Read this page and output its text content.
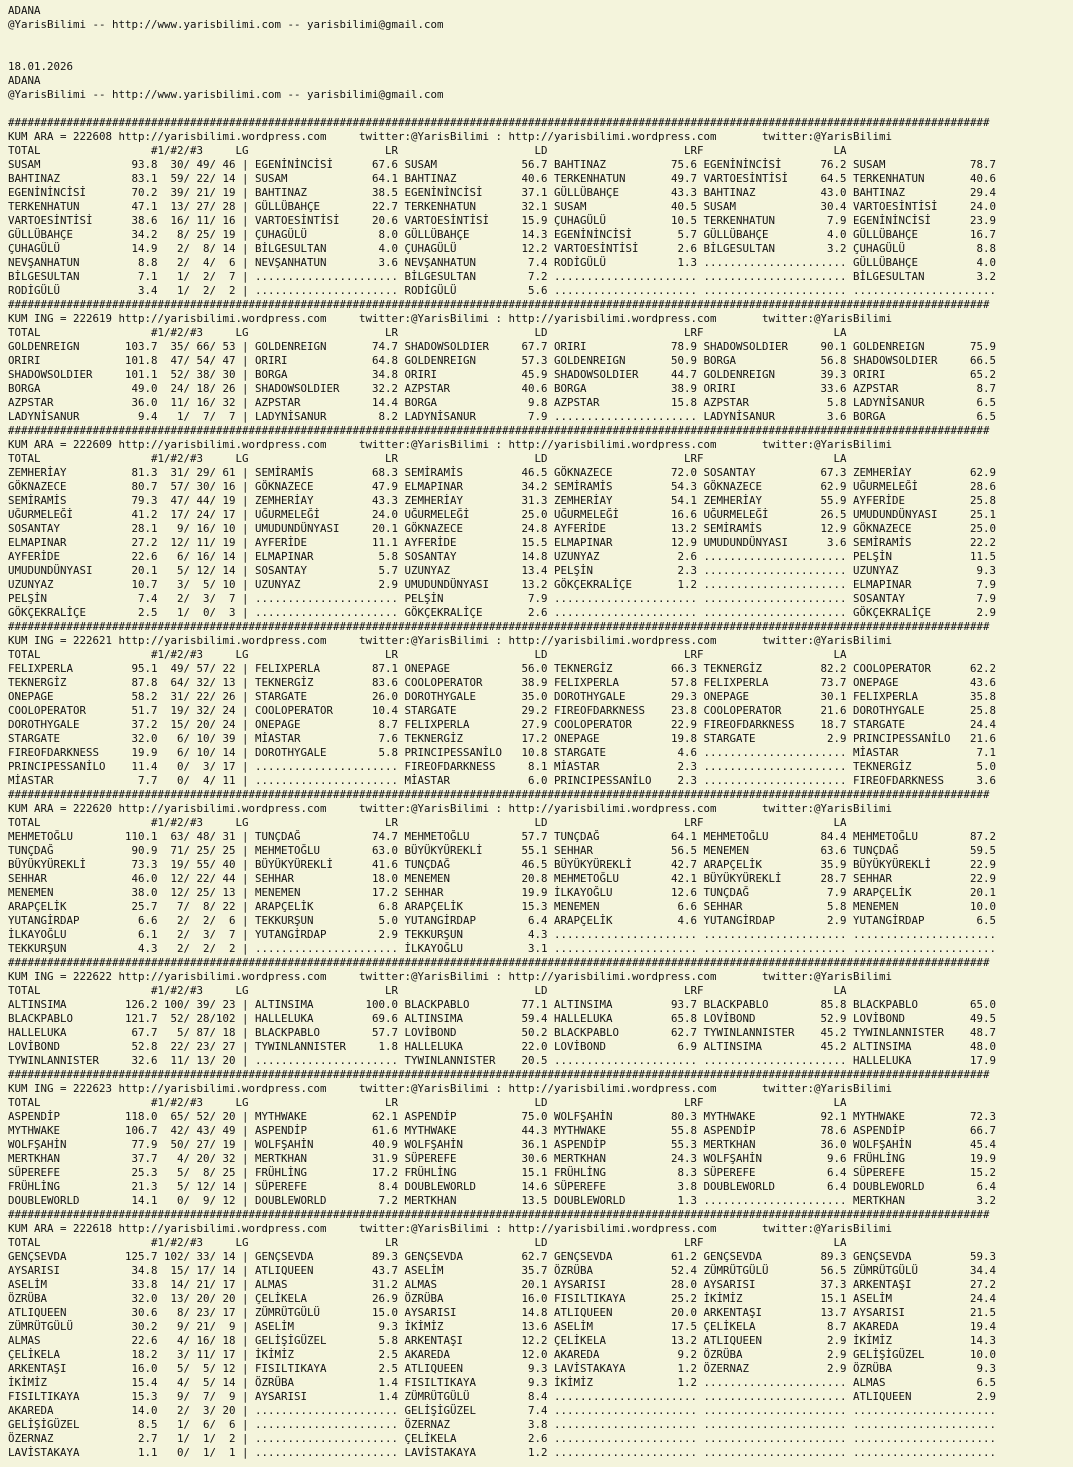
ADANA
@YarisBilimi -- http://www.yarisbilimi.com -- yarisbilimi@gmail.com

18.01.2026
ADANA
@YarisBilimi -- http://www.yarisbilimi.com -- yarisbilimi@gmail.com

#######################################################################################################################################################
KUM ARA = 222608 http://yarisbilimi.wordpress.com     twitter:@YarisBilimi : http://yarisbilimi.wordpress.com       twitter:@YarisBilimi
TOTAL                 #1/#2/#3     LG                     LR                     LD                     LRF                    LA
SUSAM              93.8  30/ 49/ 46 | EGENİNİNCİSİ      67.6 SUSAM             56.7 BAHTINAZ          75.6 EGENİNİNCİSİ      76.2 SUSAM             78.7
BAHTINAZ           83.1  59/ 22/ 14 | SUSAM             64.1 BAHTINAZ          40.6 TERKENHATUN       49.7 VARTOESİNTİSİ     64.5 TERKENHATUN       40.6
EGENİNİNCİSİ       70.2  39/ 21/ 19 | BAHTINAZ          38.5 EGENİNİNCİSİ      37.1 GÜLLÜBAHÇE        43.3 BAHTINAZ          43.0 BAHTINAZ          29.4
TERKENHATUN        47.1  13/ 27/ 28 | GÜLLÜBAHÇE        22.7 TERKENHATUN       32.1 SUSAM             40.5 SUSAM             30.4 VARTOESİNTİSİ     24.0
VARTOESİNTİSİ      38.6  16/ 11/ 16 | VARTOESİNTİSİ     20.6 VARTOESİNTİSİ     15.9 ÇUHAGÜLÜ          10.5 TERKENHATUN        7.9 EGENİNİNCİSİ      23.9
GÜLLÜBAHÇE         34.2   8/ 25/ 19 | ÇUHAGÜLÜ           8.0 GÜLLÜBAHÇE        14.3 EGENİNİNCİSİ       5.7 GÜLLÜBAHÇE         4.0 GÜLLÜBAHÇE        16.7
ÇUHAGÜLÜ           14.9   2/  8/ 14 | BİLGESULTAN        4.0 ÇUHAGÜLÜ          12.2 VARTOESİNTİSİ      2.6 BİLGESULTAN        3.2 ÇUHAGÜLÜ           8.8
NEVŞANHATUN         8.8   2/  4/  6 | NEVŞANHATUN        3.6 NEVŞANHATUN        7.4 RODİGÜLÜ           1.3 ...................... GÜLLÜBAHÇE         4.0
BİLGESULTAN         7.1   1/  2/  7 | ...................... BİLGESULTAN        7.2 ...................... ...................... BİLGESULTAN        3.2
RODİGÜLÜ            3.4   1/  2/  2 | ...................... RODİGÜLÜ           5.6 ...................... ...................... ......................
#######################################################################################################################################################
KUM ING = 222619 http://yarisbilimi.wordpress.com     twitter:@YarisBilimi : http://yarisbilimi.wordpress.com       twitter:@YarisBilimi
TOTAL                 #1/#2/#3     LG                     LR                     LD                     LRF                    LA
GOLDENREIGN       103.7  35/ 66/ 53 | GOLDENREIGN       74.7 SHADOWSOLDIER     67.7 ORIRI             78.9 SHADOWSOLDIER     90.1 GOLDENREIGN       75.9
ORIRI             101.8  47/ 54/ 47 | ORIRI             64.8 GOLDENREIGN       57.3 GOLDENREIGN       50.9 BORGA             56.8 SHADOWSOLDIER     66.5
SHADOWSOLDIER     101.1  52/ 38/ 30 | BORGA             34.8 ORIRI             45.9 SHADOWSOLDIER     44.7 GOLDENREIGN       39.3 ORIRI             65.2
BORGA              49.0  24/ 18/ 26 | SHADOWSOLDIER     32.2 AZPSTAR           40.6 BORGA             38.9 ORIRI             33.6 AZPSTAR            8.7
AZPSTAR            36.0  11/ 16/ 32 | AZPSTAR           14.4 BORGA              9.8 AZPSTAR           15.8 AZPSTAR            5.8 LADYNİSANUR        6.5
LADYNİSANUR         9.4   1/  7/  7 | LADYNİSANUR        8.2 LADYNİSANUR        7.9 ...................... LADYNİSANUR        3.6 BORGA              6.5
#######################################################################################################################################################
KUM ARA = 222609 http://yarisbilimi.wordpress.com     twitter:@YarisBilimi : http://yarisbilimi.wordpress.com       twitter:@YarisBilimi
TOTAL                 #1/#2/#3     LG                     LR                     LD                     LRF                    LA
ZEMHERİAY          81.3  31/ 29/ 61 | SEMİRAMİS         68.3 SEMİRAMİS         46.5 GÖKNAZECE         72.0 SOSANTAY          67.3 ZEMHERİAY         62.9
GÖKNAZECE          80.7  57/ 30/ 16 | GÖKNAZECE         47.9 ELMAPINAR         34.2 SEMİRAMİS         54.3 GÖKNAZECE         62.9 UĞURMELEĞİ        28.6
SEMİRAMİS          79.3  47/ 44/ 19 | ZEMHERİAY         43.3 ZEMHERİAY         31.3 ZEMHERİAY         54.1 ZEMHERİAY         55.9 AYFERİDE          25.8
UĞURMELEĞİ         41.2  17/ 24/ 17 | UĞURMELEĞİ        24.0 UĞURMELEĞİ        25.0 UĞURMELEĞİ        16.6 UĞURMELEĞİ        26.5 UMUDUNDÜNYASI     25.1
SOSANTAY           28.1   9/ 16/ 10 | UMUDUNDÜNYASI     20.1 GÖKNAZECE         24.8 AYFERİDE          13.2 SEMİRAMİS         12.9 GÖKNAZECE         25.0
ELMAPINAR          27.2  12/ 11/ 19 | AYFERİDE          11.1 AYFERİDE          15.5 ELMAPINAR         12.9 UMUDUNDÜNYASI      3.6 SEMİRAMİS         22.2
AYFERİDE           22.6   6/ 16/ 14 | ELMAPINAR          5.8 SOSANTAY          14.8 UZUNYAZ            2.6 ...................... PELŞİN            11.5
UMUDUNDÜNYASI      20.1   5/ 12/ 14 | SOSANTAY           5.7 UZUNYAZ           13.4 PELŞİN             2.3 ...................... UZUNYAZ            9.3
UZUNYAZ            10.7   3/  5/ 10 | UZUNYAZ            2.9 UMUDUNDÜNYASI     13.2 GÖKÇEKRALİÇE       1.2 ...................... ELMAPINAR          7.9
PELŞİN              7.4   2/  3/  7 | ...................... PELŞİN             7.9 ...................... ...................... SOSANTAY           7.9
GÖKÇEKRALİÇE        2.5   1/  0/  3 | ...................... GÖKÇEKRALİÇE       2.6 ...................... ...................... GÖKÇEKRALİÇE       2.9
#######################################################################################################################################################
KUM ING = 222621 http://yarisbilimi.wordpress.com     twitter:@YarisBilimi : http://yarisbilimi.wordpress.com       twitter:@YarisBilimi
TOTAL                 #1/#2/#3     LG                     LR                     LD                     LRF                    LA
FELIXPERLA         95.1  49/ 57/ 22 | FELIXPERLA        87.1 ONEPAGE           56.0 TEKNERGİZ         66.3 TEKNERGİZ         82.2 COOLOPERATOR      62.2
TEKNERGİZ          87.8  64/ 32/ 13 | TEKNERGİZ         83.6 COOLOPERATOR      38.9 FELIXPERLA        57.8 FELIXPERLA        73.7 ONEPAGE           43.6
ONEPAGE            58.2  31/ 22/ 26 | STARGATE          26.0 DOROTHYGALE       35.0 DOROTHYGALE       29.3 ONEPAGE           30.1 FELIXPERLA        35.8
COOLOPERATOR       51.7  19/ 32/ 24 | COOLOPERATOR      10.4 STARGATE          29.2 FIREOFDARKNESS    23.8 COOLOPERATOR      21.6 DOROTHYGALE       25.8
DOROTHYGALE        37.2  15/ 20/ 24 | ONEPAGE            8.7 FELIXPERLA        27.9 COOLOPERATOR      22.9 FIREOFDARKNESS    18.7 STARGATE          24.4
STARGATE           32.0   6/ 10/ 39 | MİASTAR            7.6 TEKNERGİZ         17.2 ONEPAGE           19.8 STARGATE           2.9 PRINCIPESSANİLO   21.6
FIREOFDARKNESS     19.9   6/ 10/ 14 | DOROTHYGALE        5.8 PRINCIPESSANİLO   10.8 STARGATE           4.6 ...................... MİASTAR            7.1
PRINCIPESSANİLO    11.4   0/  3/ 17 | ...................... FIREOFDARKNESS     8.1 MİASTAR            2.3 ...................... TEKNERGİZ          5.0
MİASTAR             7.7   0/  4/ 11 | ...................... MİASTAR            6.0 PRINCIPESSANİLO    2.3 ...................... FIREOFDARKNESS     3.6
#######################################################################################################################################################
KUM ARA = 222620 http://yarisbilimi.wordpress.com     twitter:@YarisBilimi : http://yarisbilimi.wordpress.com       twitter:@YarisBilimi
TOTAL                 #1/#2/#3     LG                     LR                     LD                     LRF                    LA
MEHMETOĞLU        110.1  63/ 48/ 31 | TUNÇDAĞ           74.7 MEHMETOĞLU        57.7 TUNÇDAĞ           64.1 MEHMETOĞLU        84.4 MEHMETOĞLU        87.2
TUNÇDAĞ            90.9  71/ 25/ 25 | MEHMETOĞLU        63.0 BÜYÜKYÜREKLİ      55.1 SEHHAR            56.5 MENEMEN           63.6 TUNÇDAĞ           59.5
BÜYÜKYÜREKLİ       73.3  19/ 55/ 40 | BÜYÜKYÜREKLİ      41.6 TUNÇDAĞ           46.5 BÜYÜKYÜREKLİ      42.7 ARAPÇELİK         35.9 BÜYÜKYÜREKLİ      22.9
SEHHAR             46.0  12/ 22/ 44 | SEHHAR            18.0 MENEMEN           20.8 MEHMETOĞLU        42.1 BÜYÜKYÜREKLİ      28.7 SEHHAR            22.9
MENEMEN            38.0  12/ 25/ 13 | MENEMEN           17.2 SEHHAR            19.9 İLKAYOĞLU         12.6 TUNÇDAĞ            7.9 ARAPÇELİK         20.1
ARAPÇELİK          25.7   7/  8/ 22 | ARAPÇELİK          6.8 ARAPÇELİK         15.3 MENEMEN            6.6 SEHHAR             5.8 MENEMEN           10.0
YUTANGİRDAP         6.6   2/  2/  6 | TEKKURŞUN          5.0 YUTANGİRDAP        6.4 ARAPÇELİK          4.6 YUTANGİRDAP        2.9 YUTANGİRDAP        6.5
İLKAYOĞLU           6.1   2/  3/  7 | YUTANGİRDAP        2.9 TEKKURŞUN          4.3 ...................... ...................... ......................
TEKKURŞUN           4.3   2/  2/  2 | ...................... İLKAYOĞLU          3.1 ...................... ...................... ......................
#######################################################################################################################################################
KUM ING = 222622 http://yarisbilimi.wordpress.com     twitter:@YarisBilimi : http://yarisbilimi.wordpress.com       twitter:@YarisBilimi
TOTAL                 #1/#2/#3     LG                     LR                     LD                     LRF                    LA
ALTINSIMA         126.2 100/ 39/ 23 | ALTINSIMA        100.0 BLACKPABLO        77.1 ALTINSIMA         93.7 BLACKPABLO        85.8 BLACKPABLO        65.0
BLACKPABLO        121.7  52/ 28/102 | HALLELUKA         69.6 ALTINSIMA         59.4 HALLELUKA         65.8 LOVİBOND          52.9 LOVİBOND          49.5
HALLELUKA          67.7   5/ 87/ 18 | BLACKPABLO        57.7 LOVİBOND          50.2 BLACKPABLO        62.7 TYWINLANNISTER    45.2 TYWINLANNISTER    48.7
LOVİBOND           52.8  22/ 23/ 27 | TYWINLANNISTER     1.8 HALLELUKA         22.0 LOVİBOND           6.9 ALTINSIMA         45.2 ALTINSIMA         48.0
TYWINLANNISTER     32.6  11/ 13/ 20 | ...................... TYWINLANNISTER    20.5 ...................... ...................... HALLELUKA         17.9
#######################################################################################################################################################
KUM ING = 222623 http://yarisbilimi.wordpress.com     twitter:@YarisBilimi : http://yarisbilimi.wordpress.com       twitter:@YarisBilimi
TOTAL                 #1/#2/#3     LG                     LR                     LD                     LRF                    LA
ASPENDİP          118.0  65/ 52/ 20 | MYTHWAKE          62.1 ASPENDİP          75.0 WOLFŞAHİN         80.3 MYTHWAKE          92.1 MYTHWAKE          72.3
MYTHWAKE          106.7  42/ 43/ 49 | ASPENDİP          61.6 MYTHWAKE          44.3 MYTHWAKE          55.8 ASPENDİP          78.6 ASPENDİP          66.7
WOLFŞAHİN          77.9  50/ 27/ 19 | WOLFŞAHİN         40.9 WOLFŞAHİN         36.1 ASPENDİP          55.3 MERTKHAN          36.0 WOLFŞAHİN         45.4
MERTKHAN           37.7   4/ 20/ 32 | MERTKHAN          31.9 SÜPEREFE          30.6 MERTKHAN          24.3 WOLFŞAHİN          9.6 FRÜHLİNG          19.9
SÜPEREFE           25.3   5/  8/ 25 | FRÜHLİNG          17.2 FRÜHLİNG          15.1 FRÜHLİNG           8.3 SÜPEREFE           6.4 SÜPEREFE          15.2
FRÜHLİNG           21.3   5/ 12/ 14 | SÜPEREFE           8.4 DOUBLEWORLD       14.6 SÜPEREFE           3.8 DOUBLEWORLD        6.4 DOUBLEWORLD        6.4
DOUBLEWORLD        14.1   0/  9/ 12 | DOUBLEWORLD        7.2 MERTKHAN          13.5 DOUBLEWORLD        1.3 ...................... MERTKHAN           3.2
#######################################################################################################################################################
KUM ARA = 222618 http://yarisbilimi.wordpress.com     twitter:@YarisBilimi : http://yarisbilimi.wordpress.com       twitter:@YarisBilimi
TOTAL                 #1/#2/#3     LG                     LR                     LD                     LRF                    LA
GENÇSEVDA         125.7 102/ 33/ 14 | GENÇSEVDA         89.3 GENÇSEVDA         62.7 GENÇSEVDA         61.2 GENÇSEVDA         89.3 GENÇSEVDA         59.3
AYSARISI           34.8  15/ 17/ 14 | ATLIQUEEN         43.7 ASELİM            35.7 ÖZRÜBA            52.4 ZÜMRÜTGÜLÜ        56.5 ZÜMRÜTGÜLÜ        34.4
ASELİM             33.8  14/ 21/ 17 | ALMAS             31.2 ALMAS             20.1 AYSARISI          28.0 AYSARISI          37.3 ARKENTAŞI         27.2
ÖZRÜBA             32.0  13/ 20/ 20 | ÇELİKELA          26.9 ÖZRÜBA            16.0 FISILTIKAYA       25.2 İKİMİZ            15.1 ASELİM            24.4
ATLIQUEEN          30.6   8/ 23/ 17 | ZÜMRÜTGÜLÜ        15.0 AYSARISI          14.8 ATLIQUEEN         20.0 ARKENTAŞI         13.7 AYSARISI          21.5
ZÜMRÜTGÜLÜ         30.2   9/ 21/  9 | ASELİM             9.3 İKİMİZ            13.6 ASELİM            17.5 ÇELİKELA           8.7 AKAREDA           19.4
ALMAS              22.6   4/ 16/ 18 | GELİŞİGÜZEL        5.8 ARKENTAŞI         12.2 ÇELİKELA          13.2 ATLIQUEEN          2.9 İKİMİZ            14.3
ÇELİKELA           18.2   3/ 11/ 17 | İKİMİZ             2.5 AKAREDA           12.0 AKAREDA            9.2 ÖZRÜBA             2.9 GELİŞİGÜZEL       10.0
ARKENTAŞI          16.0   5/  5/ 12 | FISILTIKAYA        2.5 ATLIQUEEN          9.3 LAVİSTAKAYA        1.2 ÖZERNAZ            2.9 ÖZRÜBA             9.3
İKİMİZ             15.4   4/  5/ 14 | ÖZRÜBA             1.4 FISILTIKAYA        9.3 İKİMİZ             1.2 ...................... ALMAS              6.5
FISILTIKAYA        15.3   9/  7/  9 | AYSARISI           1.4 ZÜMRÜTGÜLÜ         8.4 ...................... ...................... ATLIQUEEN          2.9
AKAREDA            14.0   2/  3/ 20 | ...................... GELİŞİGÜZEL        7.4 ...................... ...................... ......................
GELİŞİGÜZEL         8.5   1/  6/  6 | ...................... ÖZERNAZ            3.8 ...................... ...................... ......................
ÖZERNAZ             2.7   1/  1/  2 | ...................... ÇELİKELA           2.6 ...................... ...................... ......................
LAVİSTAKAYA         1.1   0/  1/  1 | ...................... LAVİSTAKAYA        1.2 ...................... ...................... ......................
